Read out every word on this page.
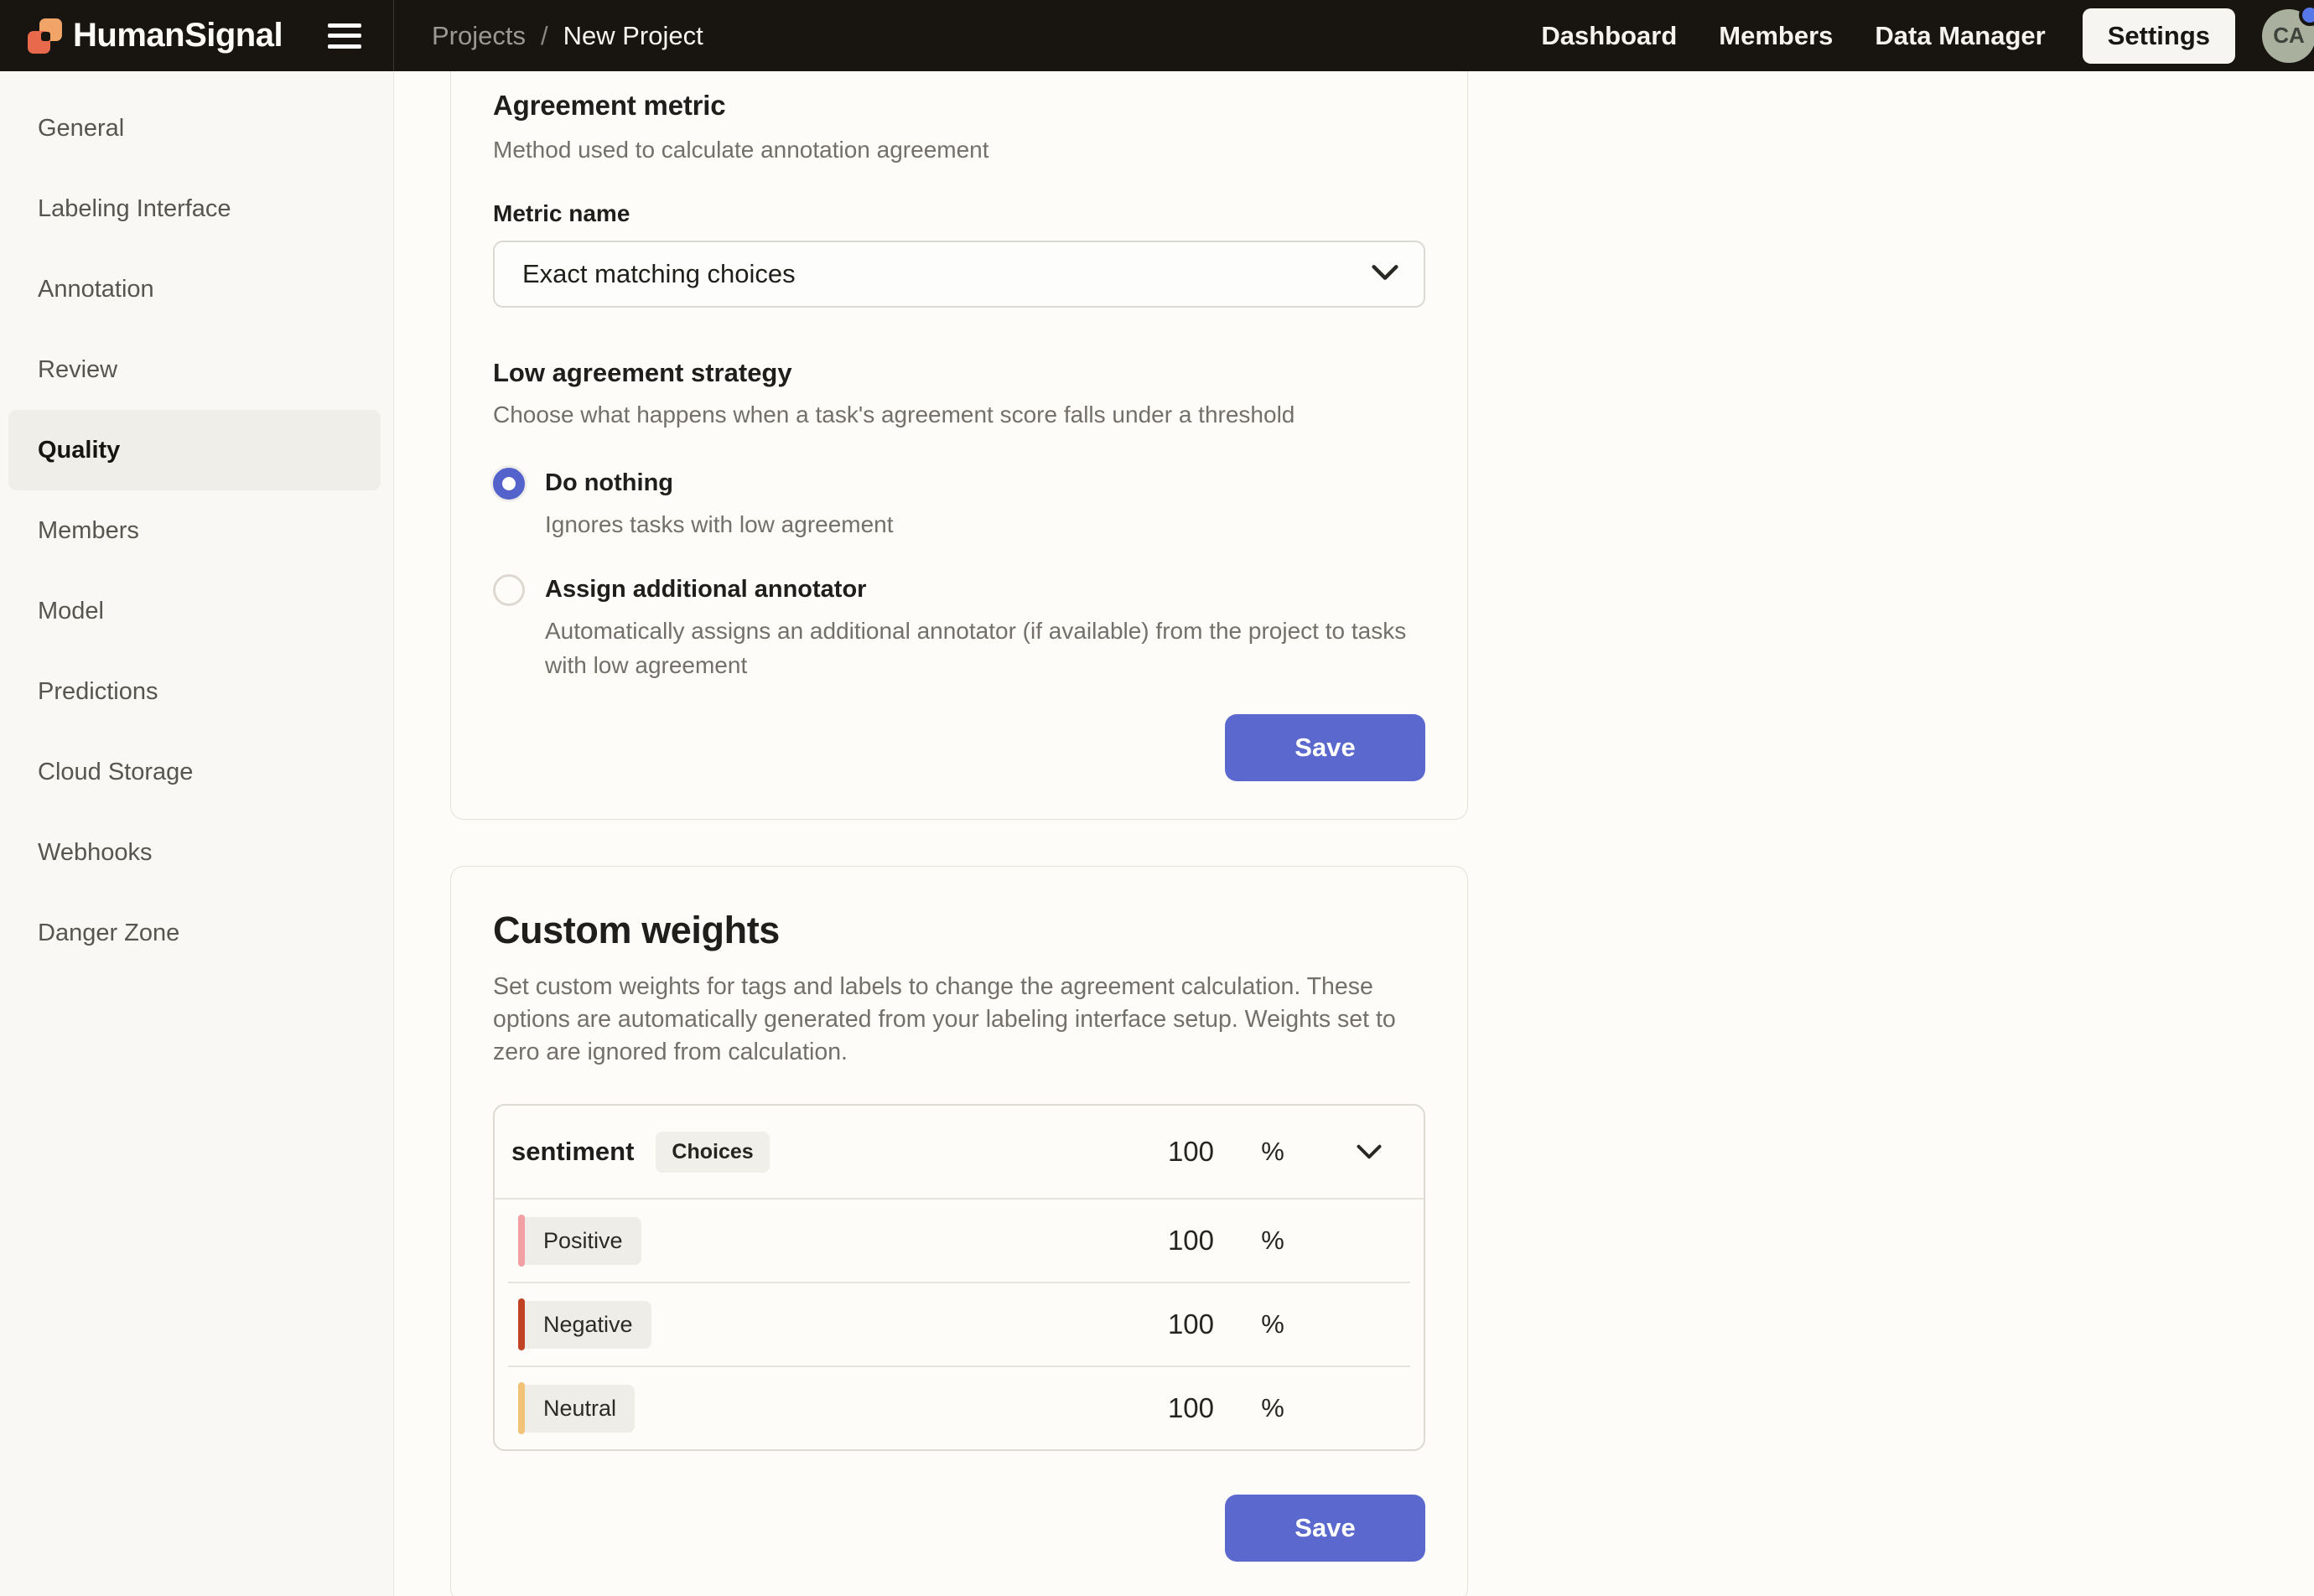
HumanSignal	Projects / New Project	Dashboard Members Data Manager	Settings	CA
General
Labeling Interface
Annotation
Review
Quality
Members
Model
Predictions
Cloud Storage
Webhooks
Danger Zone
Agreement metric
Method used to calculate annotation agreement
Metric name
Exact matching choices
Low agreement strategy
Choose what happens when a task's agreement score falls under a threshold
Do nothing
Ignores tasks with low agreement
Assign additional annotator
Automatically assigns an additional annotator (if available) from the project to tasks with low agreement
Save
Custom weights
Set custom weights for tags and labels to change the agreement calculation. These options are automatically generated from your labeling interface setup. Weights set to zero are ignored from calculation.
sentiment	Choices	100	%
Positive	100	%
Negative	100	%
Neutral	100	%
Save
